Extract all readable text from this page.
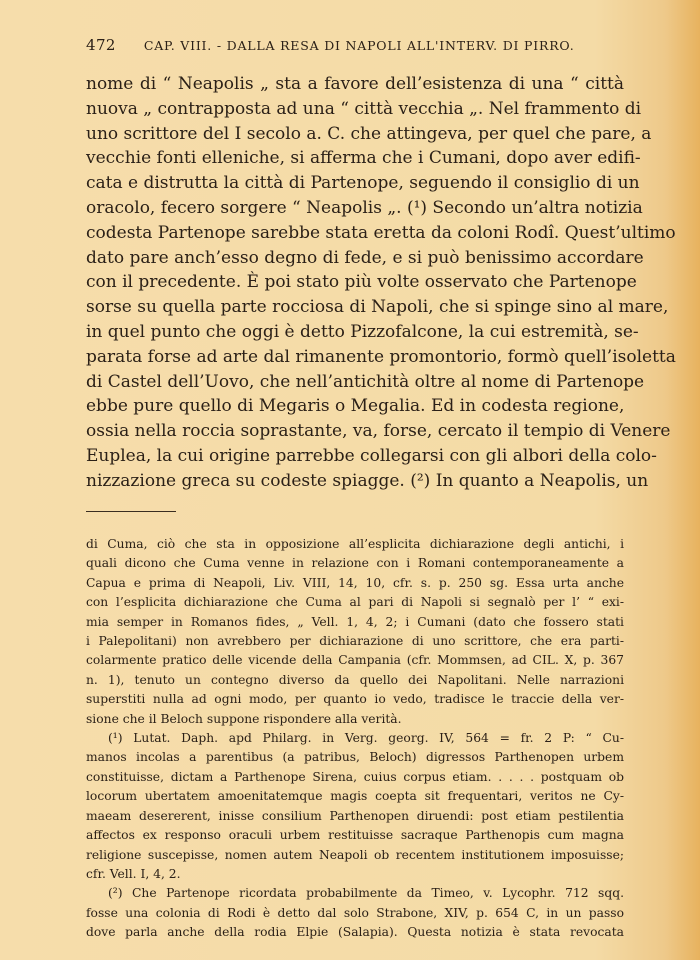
472 CAP. VIII. - DALLA RESA DI NAPOLI ALL'INTERV. DI PIRRO.
nome di “ Neapolis „ sta a favore dell’esistenza di una “ città
nuova „ contrapposta ad una “ città vecchia „. Nel frammento di
uno scrittore del I secolo a. C. che attingeva, per quel che pare, a
vecchie fonti elleniche, si afferma che i Cumani, dopo aver edifi-
cata e distrutta la città di Partenope, seguendo il consiglio di un
oracolo, fecero sorgere “ Neapolis „. (¹) Secondo un’altra notizia
codesta Partenope sarebbe stata eretta da coloni Rodî. Quest’ultimo
dato pare anch’esso degno di fede, e si può benissimo accordare
con il precedente. È poi stato più volte osservato che Partenope
sorse su quella parte rocciosa di Napoli, che si spinge sino al mare,
in quel punto che oggi è detto Pizzofalcone, la cui estremità, se-
parata forse ad arte dal rimanente promontorio, formò quell’isoletta
di Castel dell’Uovo, che nell’antichità oltre al nome di Partenope
ebbe pure quello di Megaris o Megalia. Ed in codesta regione,
ossia nella roccia soprastante, va, forse, cercato il tempio di Venere
Euplea, la cui origine parrebbe collegarsi con gli albori della colo-
nizzazione greca su codeste spiagge. (²) In quanto a Neapolis, un
di Cuma, ciò che sta in opposizione all’esplicita dichiarazione degli antichi, i
quali dicono che Cuma venne in relazione con i Romani contemporaneamente a
Capua e prima di Neapoli, Liv. VIII, 14, 10, cfr. s. p. 250 sg. Essa urta anche
con l’esplicita dichiarazione che Cuma al pari di Napoli si segnalò per l’ “ exi-
mia semper in Romanos fides, „ Vell. 1, 4, 2; i Cumani (dato che fossero stati
i Palepolitani) non avrebbero per dichiarazione di uno scrittore, che era parti-
colarmente pratico delle vicende della Campania (cfr. Mommsen, ad CIL. X, p. 367
n. 1), tenuto un contegno diverso da quello dei Napolitani. Nelle narrazioni
superstiti nulla ad ogni modo, per quanto io vedo, tradisce le traccie della ver-
sione che il Beloch suppone rispondere alla verità.
(¹) Lutat. Daph. apd Philarg. in Verg. georg. IV, 564 = fr. 2 P: “ Cu-
manos incolas a parentibus (a patribus, Beloch) digressos Parthenopen urbem
constituisse, dictam a Parthenope Sirena, cuius corpus etiam. . . . . postquam ob
locorum ubertatem amoenitatemque magis coepta sit frequentari, veritos ne Cy-
maeam desererent, inisse consilium Parthenopen diruendi: post etiam pestilentia
affectos ex responso oraculi urbem restituisse sacraque Parthenopis cum magna
religione suscepisse, nomen autem Neapoli ob recentem institutionem imposuisse;
cfr. Vell. I, 4, 2.
(²) Che Partenope ricordata probabilmente da Timeo, v. Lycophr. 712 sqq.
fosse una colonia di Rodi è detto dal solo Strabone, XIV, p. 654 C, in un passo
dove parla anche della rodia Elpie (Salapia). Questa notizia è stata revocata
